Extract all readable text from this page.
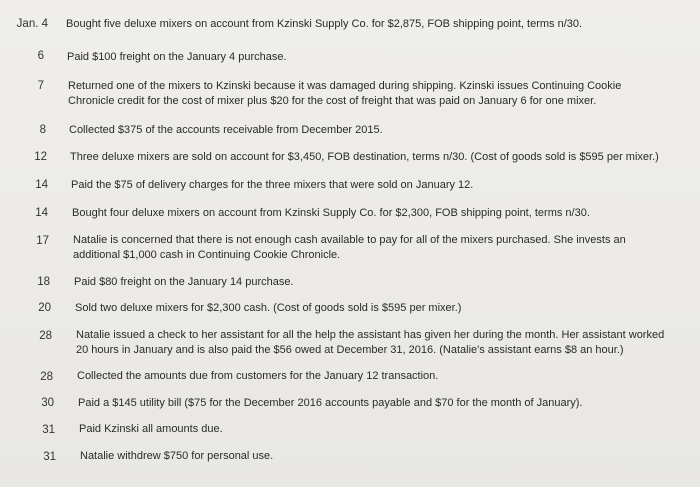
Jan. 4 Bought five deluxe mixers on account from Kzinski Supply Co. for $2,875, FOB shipping point, terms n/30.
6 Paid $100 freight on the January 4 purchase.
7 Returned one of the mixers to Kzinski because it was damaged during shipping. Kzinski issues Continuing Cookie
Chronicle credit for the cost of mixer plus $20 for the cost of freight that was paid on January 6 for one mixer.
8 Collected $375 of the accounts receivable from December 2015.
12 Three deluxe mixers are sold on account for $3,450, FOB destination, terms n/30. (Cost of goods sold is $595 per mixer.)
14 Paid the $75 of delivery charges for the three mixers that were sold on January 12.
14 Bought four deluxe mixers on account from Kzinski Supply Co. for $2,300, FOB shipping point, terms n/30.
17 Natalie is concerned that there is not enough cash available to pay for all of the mixers purchased. She invests an
additional $1,000 cash in Continuing Cookie Chronicle.
18 Paid $80 freight on the January 14 purchase.
20 Sold two deluxe mixers for $2,300 cash. (Cost of goods sold is $595 per mixer.)
28 Natalie issued a check to her assistant for all the help the assistant has given her during the month. Her assistant worked
20 hours in January and is also paid the $56 owed at December 31, 2016. (Natalie's assistant earns $8 an hour.)
28 Collected the amounts due from customers for the January 12 transaction.
30 Paid a $145 utility bill ($75 for the December 2016 accounts payable and $70 for the month of January).
31 Paid Kzinski all amounts due.
31 Natalie withdrew $750 for personal use.
